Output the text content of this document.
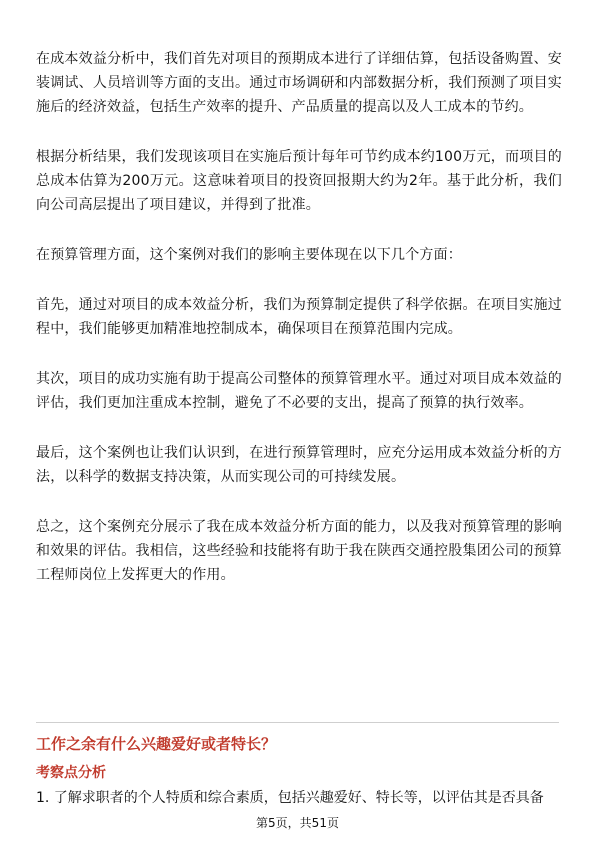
在成本效益分析中，我们首先对项目的预期成本进行了详细估算，包括设备购置、安装调试、人员培训等方面的支出。通过市场调研和内部数据分析，我们预测了项目实施后的经济效益，包括生产效率的提升、产品质量的提高以及人工成本的节约。

根据分析结果，我们发现该项目在实施后预计每年可节约成本约100万元，而项目的总成本估算为200万元。这意味着项目的投资回报期大约为2年。基于此分析，我们向公司高层提出了项目建议，并得到了批准。

在预算管理方面，这个案例对我们的影响主要体现在以下几个方面：

首先，通过对项目的成本效益分析，我们为预算制定提供了科学依据。在项目实施过程中，我们能够更加精准地控制成本，确保项目在预算范围内完成。

其次，项目的成功实施有助于提高公司整体的预算管理水平。通过对项目成本效益的评估，我们更加注重成本控制，避免了不必要的支出，提高了预算的执行效率。

最后，这个案例也让我们认识到，在进行预算管理时，应充分运用成本效益分析的方法，以科学的数据支持决策，从而实现公司的可持续发展。

总之，这个案例充分展示了我在成本效益分析方面的能力，以及我对预算管理的影响和效果的评估。我相信，这些经验和技能将有助于我在陕西交通控股集团公司的预算工程师岗位上发挥更大的作用。

工作之余有什么兴趣爱好或者特长？
考察点分析

1. 了解求职者的个人特质和综合素质，包括兴趣爱好、特长等，以评估其是否具备

第5页，共51页
